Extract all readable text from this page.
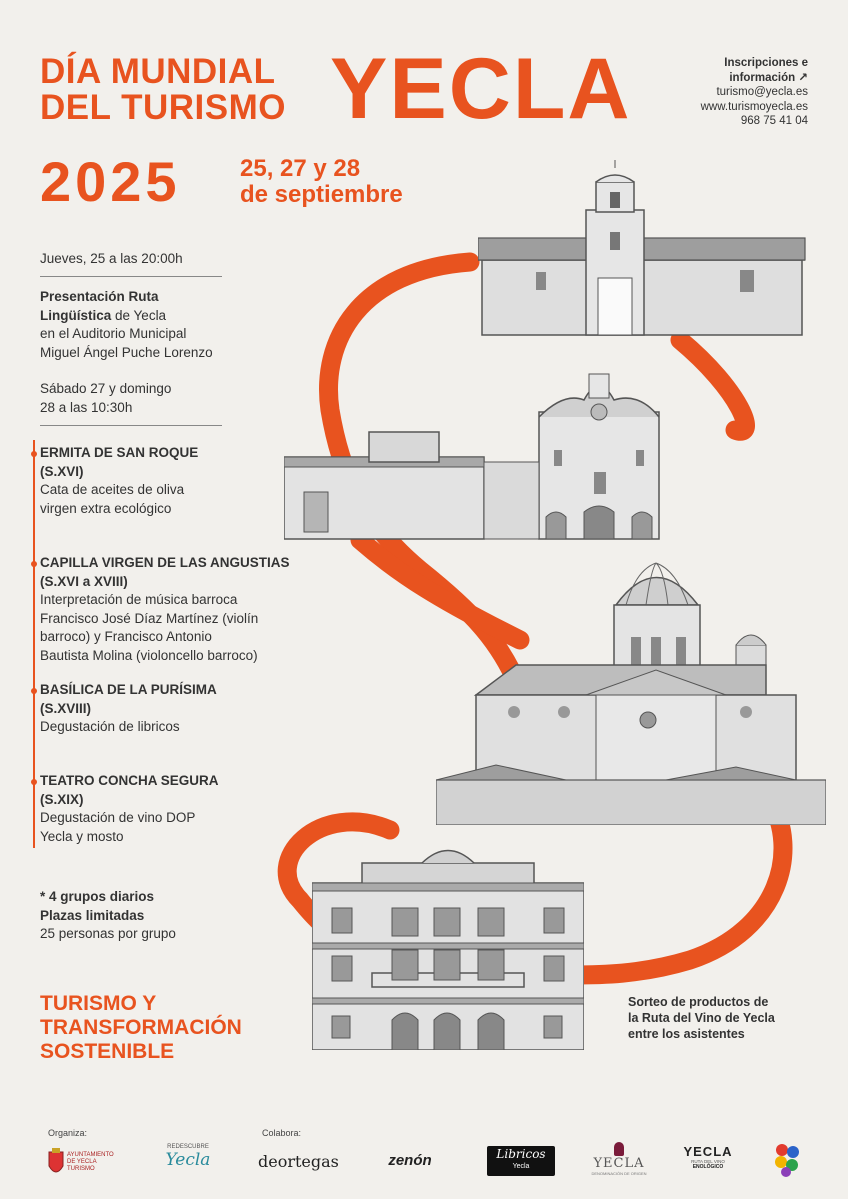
DÍA MUNDIAL
DEL TURISMO YECLA
2025 25, 27 y 28
de septiembre
Inscripciones e
información ↗
turismo@yecla.es
www.turismoyecla.es
968 75 41 04
Jueves, 25 a las 20:00h
Presentación Ruta
Lingüística de Yecla
en el Auditorio Municipal
Miguel Ángel Puche Lorenzo
Sábado 27 y domingo
28 a las 10:30h
ERMITA DE SAN ROQUE
(S.XVI)
Cata de aceites de oliva
virgen extra ecológico
CAPILLA VIRGEN DE LAS ANGUSTIAS
(S.XVI a XVIII)
Interpretación de música barroca
Francisco José Díaz Martínez (violín
barroco) y Francisco Antonio
Bautista Molina (violoncello barroco)
BASÍLICA DE LA PURÍSIMA
(S.XVIII)
Degustación de libricos
TEATRO CONCHA SEGURA
(S.XIX)
Degustación de vino DOP
Yecla y mosto
* 4 grupos diarios
Plazas limitadas
25 personas por grupo
TURISMO Y
TRANSFORMACIÓN
SOSTENIBLE
Sorteo de productos de
la Ruta del Vino de Yecla
entre los asistentes
Organiza:	Colabora:
AYUNTAMIENTO
DE YECLA
TURISMO
REDESCUBRE
Yecla	deortegas	zenón	Libricos
Yecla	YECLA
DENOMINACIÓN DE ORIGEN
YECLA
RUTA DEL VINO
ENOLÓGICO
